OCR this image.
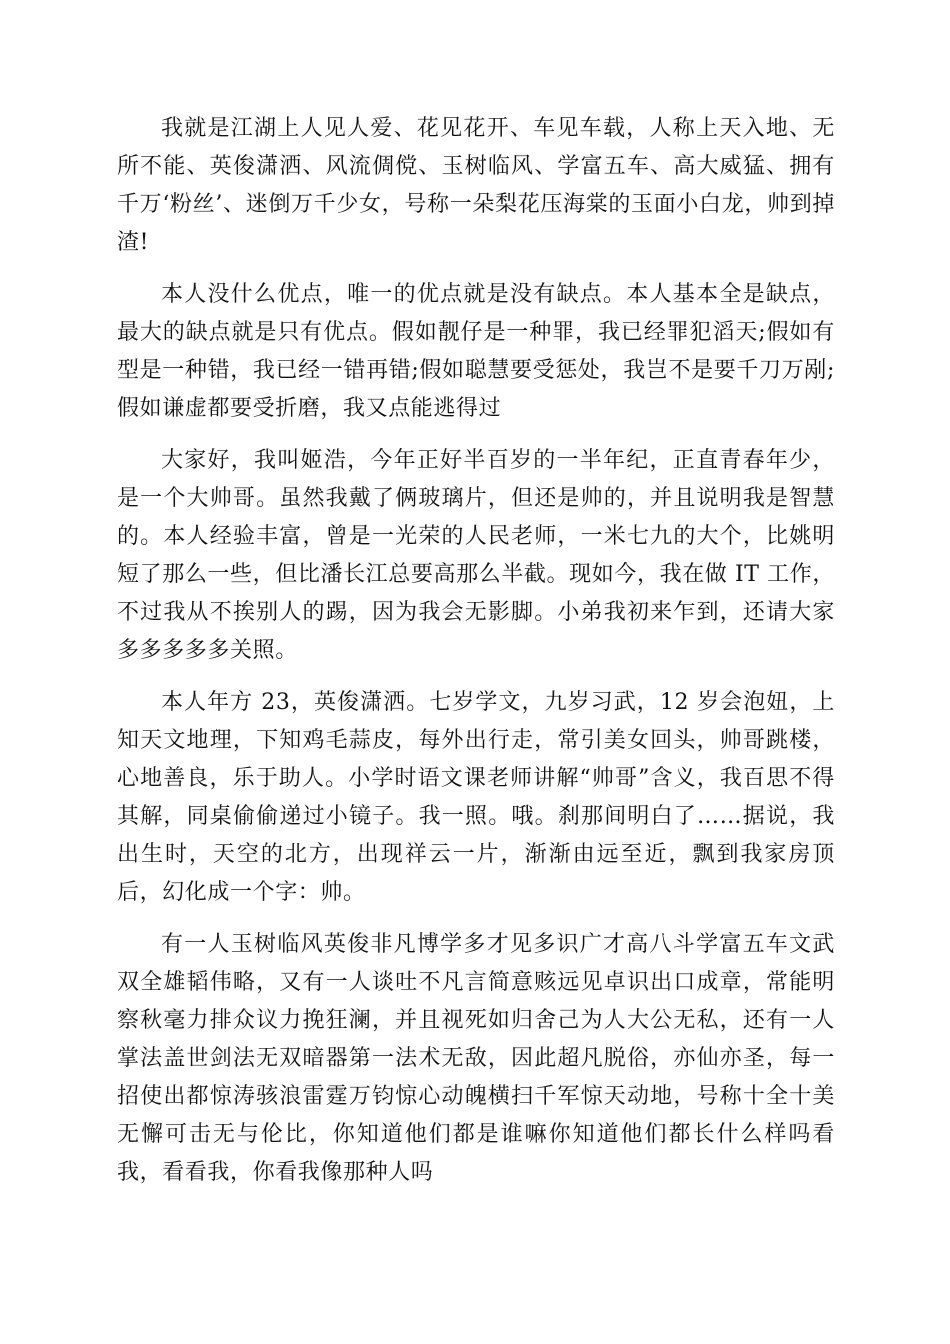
我就是江湖上人见人爱、花见花开、车见车载，人称上天入地、无所不能、英俊潇洒、风流倜傥、玉树临风、学富五车、高大威猛、拥有千万‘粉丝’、迷倒万千少女，号称一朵梨花压海棠的玉面小白龙，帅到掉渣!

本人没什么优点，唯一的优点就是没有缺点。本人基本全是缺点，最大的缺点就是只有优点。假如靓仔是一种罪，我已经罪犯滔天;假如有型是一种错，我已经一错再错;假如聪慧要受惩处，我岂不是要千刀万剐;假如谦虚都要受折磨，我又点能逃得过

大家好，我叫姬浩，今年正好半百岁的一半年纪，正直青春年少，是一个大帅哥。虽然我戴了俩玻璃片，但还是帅的，并且说明我是智慧的。本人经验丰富，曾是一光荣的人民老师，一米七九的大个，比姚明短了那么一些，但比潘长江总要高那么半截。现如今，我在做 IT 工作，不过我从不挨别人的踢，因为我会无影脚。小弟我初来乍到，还请大家多多多多多关照。

本人年方 23，英俊潇洒。七岁学文，九岁习武，12 岁会泡妞，上知天文地理，下知鸡毛蒜皮，每外出行走，常引美女回头，帅哥跳楼，心地善良，乐于助人。小学时语文课老师讲解“帅哥”含义，我百思不得其解，同桌偷偷递过小镜子。我一照。哦。刹那间明白了……据说，我出生时，天空的北方，出现祥云一片，渐渐由远至近，飘到我家房顶后，幻化成一个字：帅。

有一人玉树临风英俊非凡博学多才见多识广才高八斗学富五车文武双全雄韬伟略，又有一人谈吐不凡言简意赅远见卓识出口成章，常能明察秋毫力排众议力挽狂澜，并且视死如归舍己为人大公无私，还有一人掌法盖世剑法无双暗器第一法术无敌，因此超凡脱俗，亦仙亦圣，每一招使出都惊涛骇浪雷霆万钧惊心动魄横扫千军惊天动地，号称十全十美无懈可击无与伦比，你知道他们都是谁嘛你知道他们都长什么样吗看我，看看我，你看我像那种人吗
